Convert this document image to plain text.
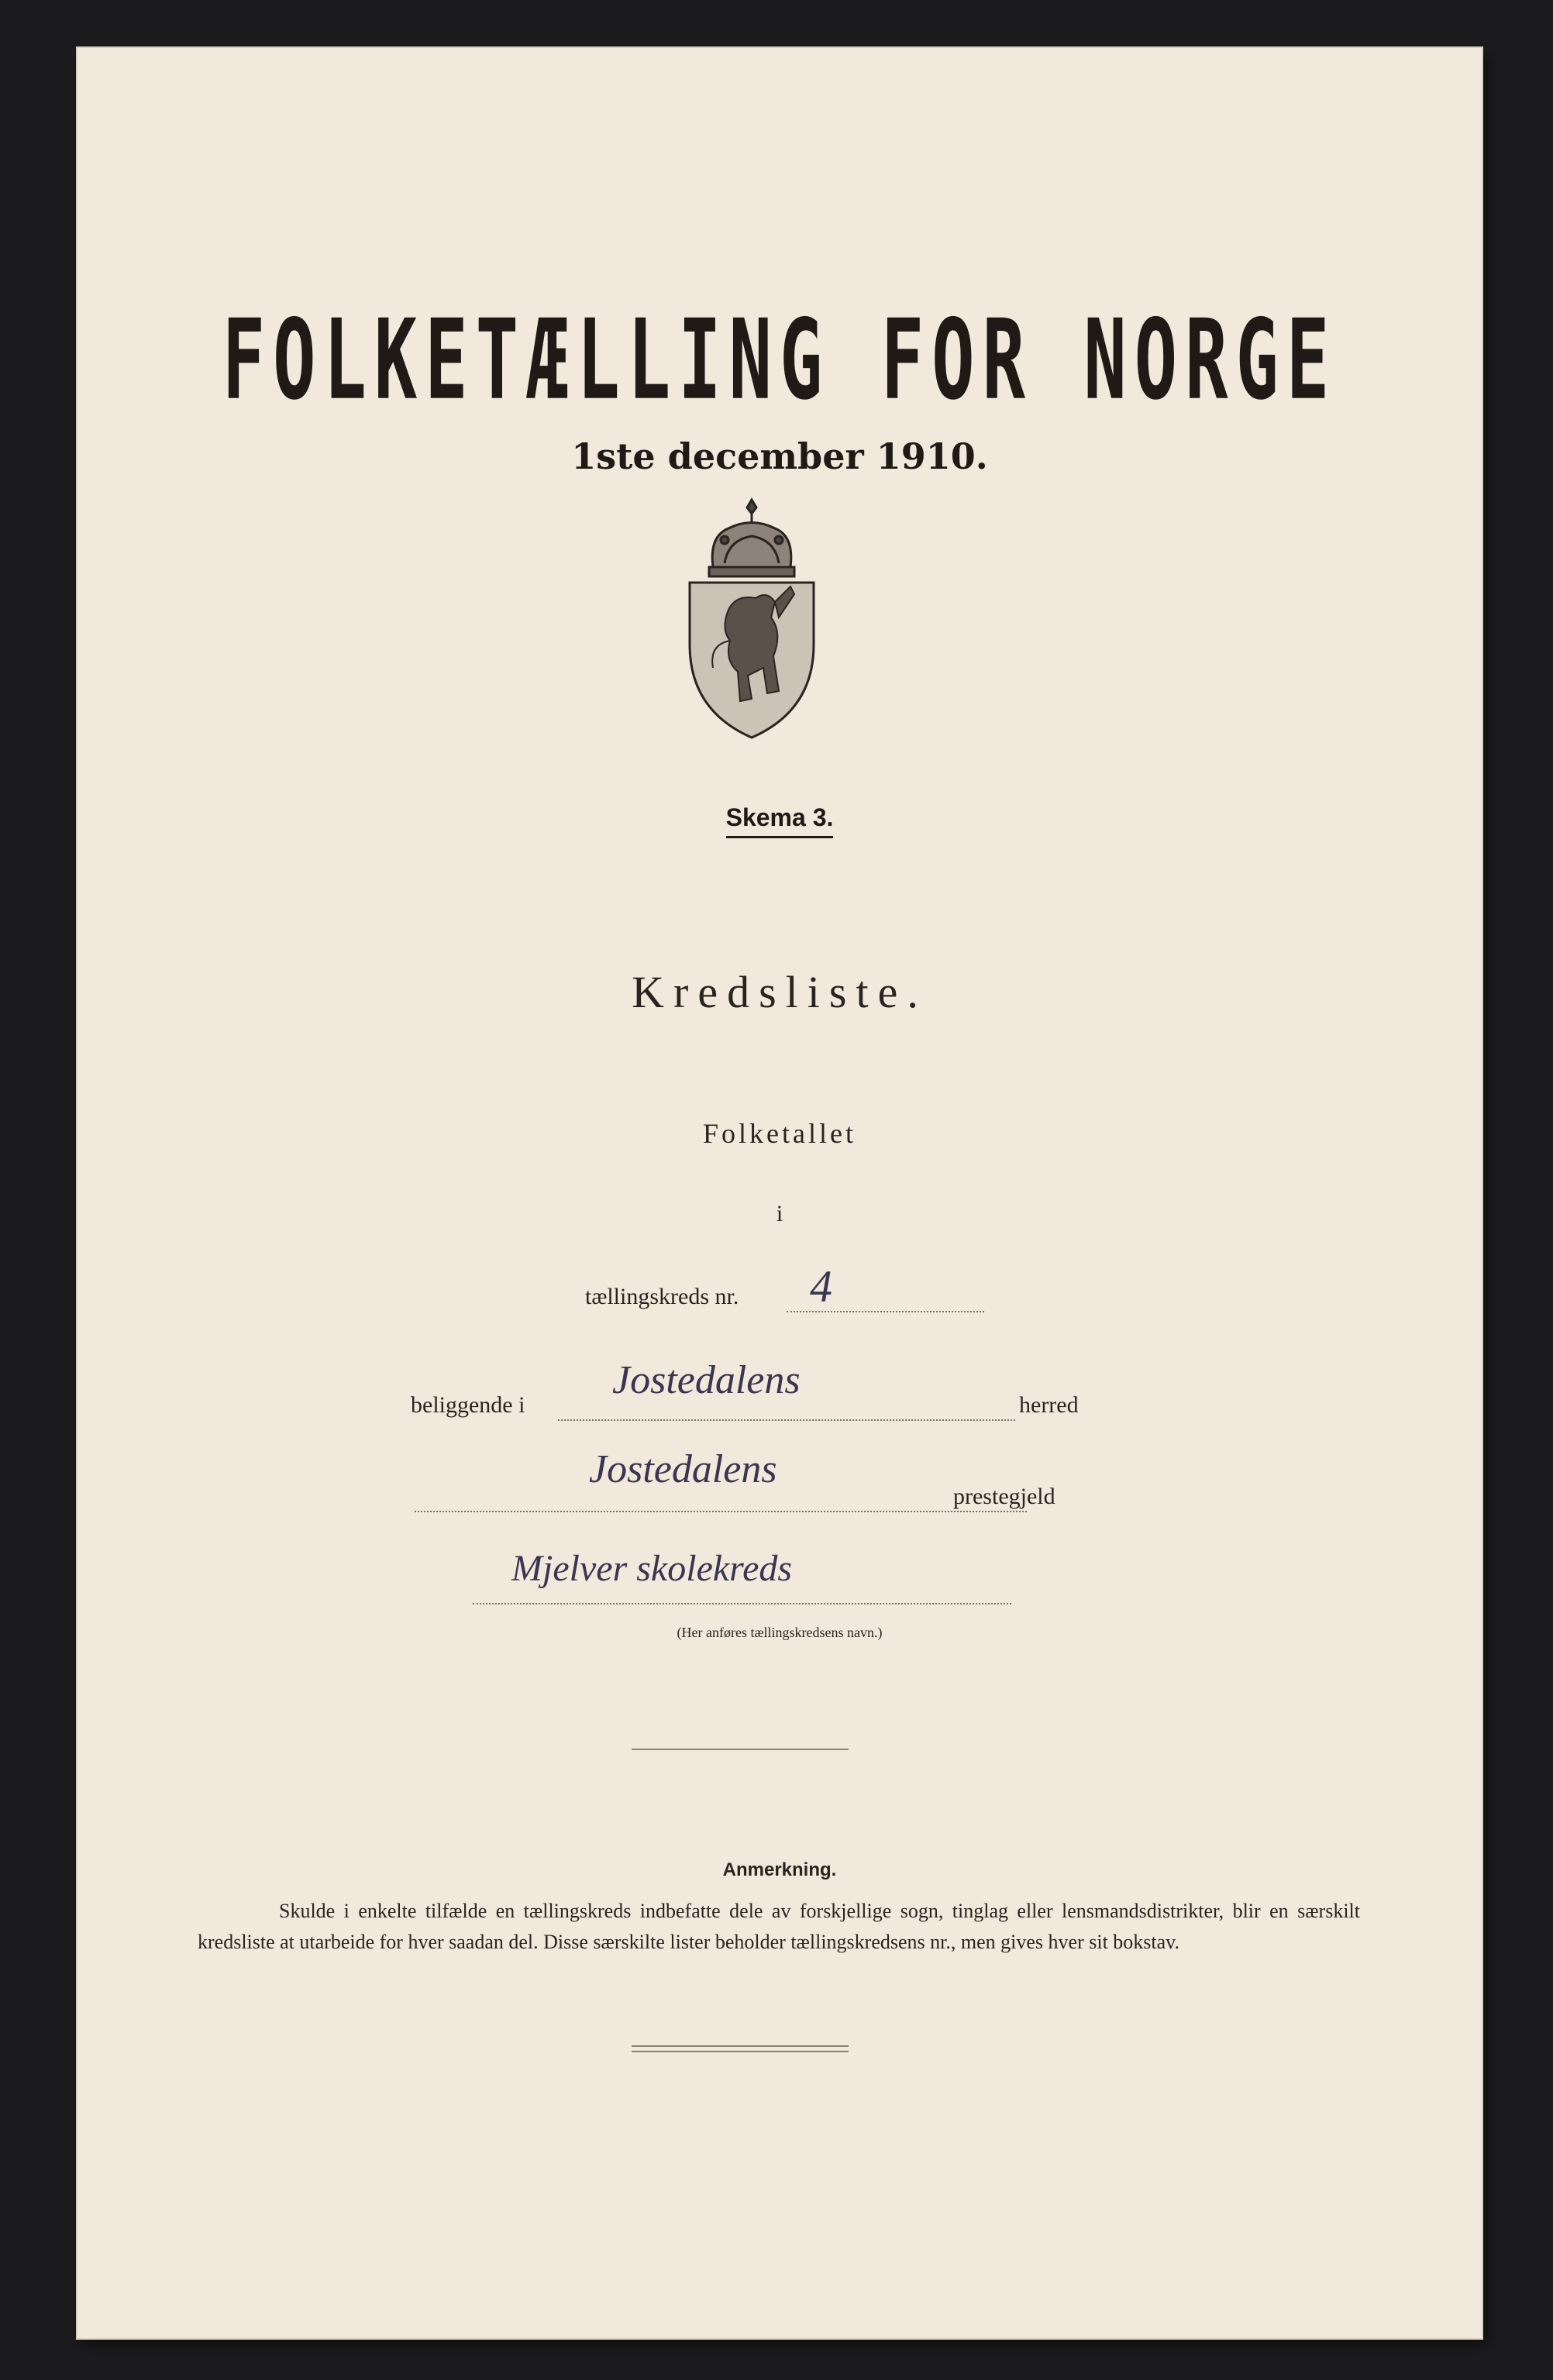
FOLKETÆLLING FOR NORGE
1ste december 1910.
Skema 3.
Kredsliste.
Folketallet
i
tællingskreds nr. 4
beliggende i
Jostedalens
herred
Jostedalens
prestegjeld
Mjelver skolekreds
(Her anføres tællingskredsens navn.)
Anmerkning.

Skulde i enkelte tilfælde en tællingskreds indbefatte dele av forskjellige sogn, tinglag eller lensmandsdistrikter, blir en særskilt kredsliste at utarbeide for hver saadan del. Disse særskilte lister beholder tællingskredsens nr., men gives hver sit bokstav.
